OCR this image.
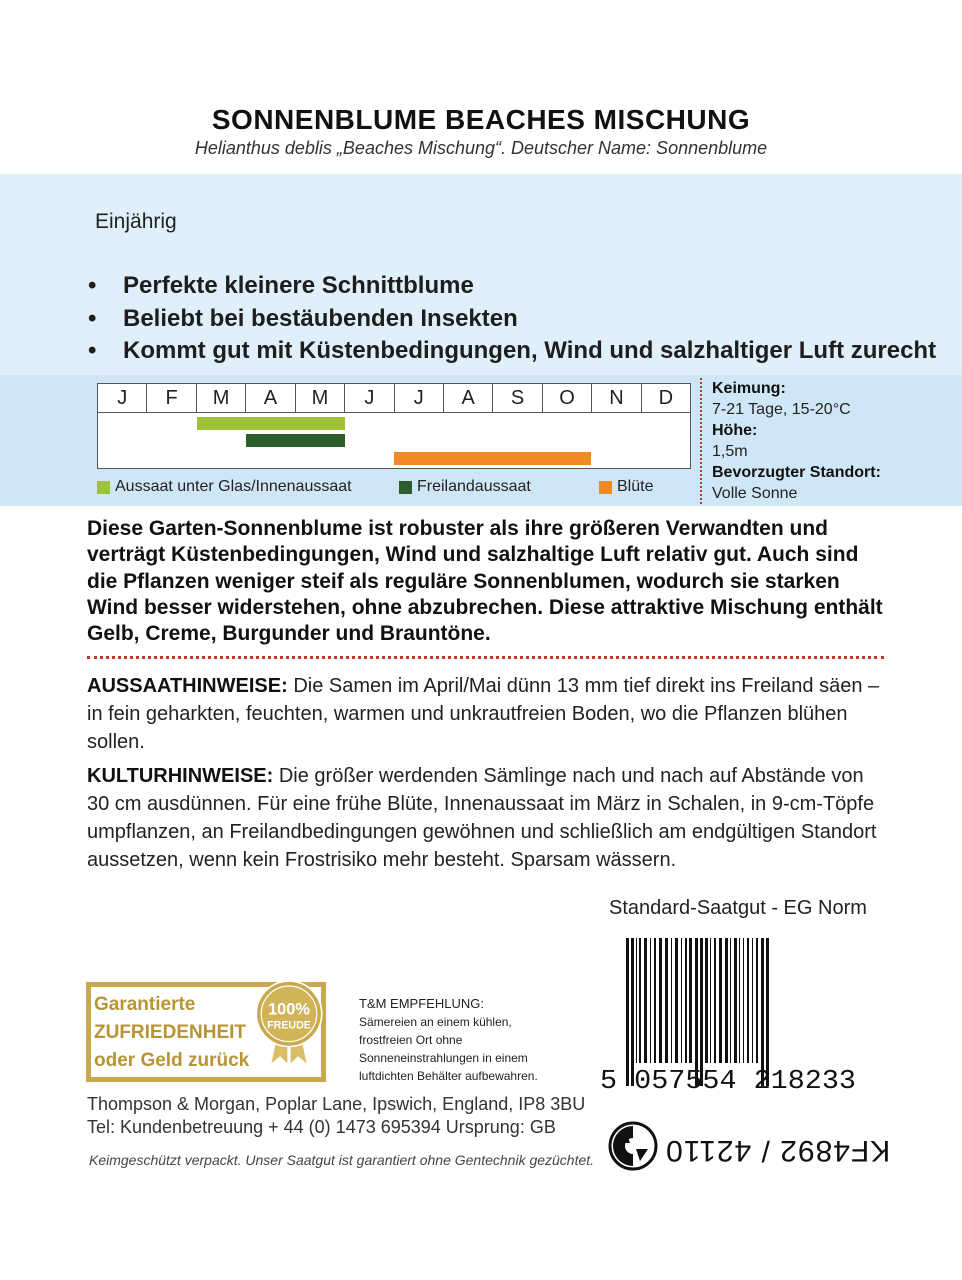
SONNENBLUME BEACHES MISCHUNG
Helianthus deblis „Beaches Mischung“. Deutscher Name: Sonnenblume
Einjährig
• Perfekte kleinere Schnittblume
• Beliebt bei bestäubenden Insekten
• Kommt gut mit Küstenbedingungen, Wind und salzhaltiger Luft zurecht
J	F	M	A	M	J	J	A	S	O	N	D
Aussaat unter Glas/Innenaussaat	Freilandaussaat	Blüte
Keimung:
7-21 Tage, 15-20°C
Höhe:
1,5m
Bevorzugter Standort:
Volle Sonne
Diese Garten-Sonnenblume ist robuster als ihre größeren Verwandten und verträgt Küstenbedingungen, Wind und salzhaltige Luft relativ gut. Auch sind die Pflanzen weniger steif als reguläre Sonnenblumen, wodurch sie starken Wind besser widerstehen, ohne abzubrechen. Diese attraktive Mischung enthält Gelb, Creme, Burgunder und Brauntöne.
AUSSAATHINWEISE: Die Samen im April/Mai dünn 13 mm tief direkt ins Freiland säen – in fein geharkten, feuchten, warmen und unkrautfreien Boden, wo die Pflanzen blühen sollen.
KULTURHINWEISE: Die größer werdenden Sämlinge nach und nach auf Abstände von 30 cm ausdünnen. Für eine frühe Blüte, Innenaussaat im März in Schalen, in 9-cm-Töpfe umpflanzen, an Freilandbedingungen gewöhnen und schließlich am endgültigen Standort aussetzen, wenn kein Frostrisiko mehr besteht. Sparsam wässern.
Standard-Saatgut - EG Norm
Garantierte
ZUFRIEDENHEIT
oder Geld zurück
100%
FREUDE
T&M EMPFEHLUNG:
Sämereien an einem kühlen,
frostfreien Ort ohne
Sonneneinstrahlungen in einem
luftdichten Behälter aufbewahren.	5 057554 218233
Thompson & Morgan, Poplar Lane, Ipswich, England, IP8 3BU
Tel: Kundenbetreuung + 44 (0) 1473 695394 Ursprung: GB
Keimgeschützt verpackt. Unser Saatgut ist garantiert ohne Gentechnik gezüchtet. KF4892 / 42110
